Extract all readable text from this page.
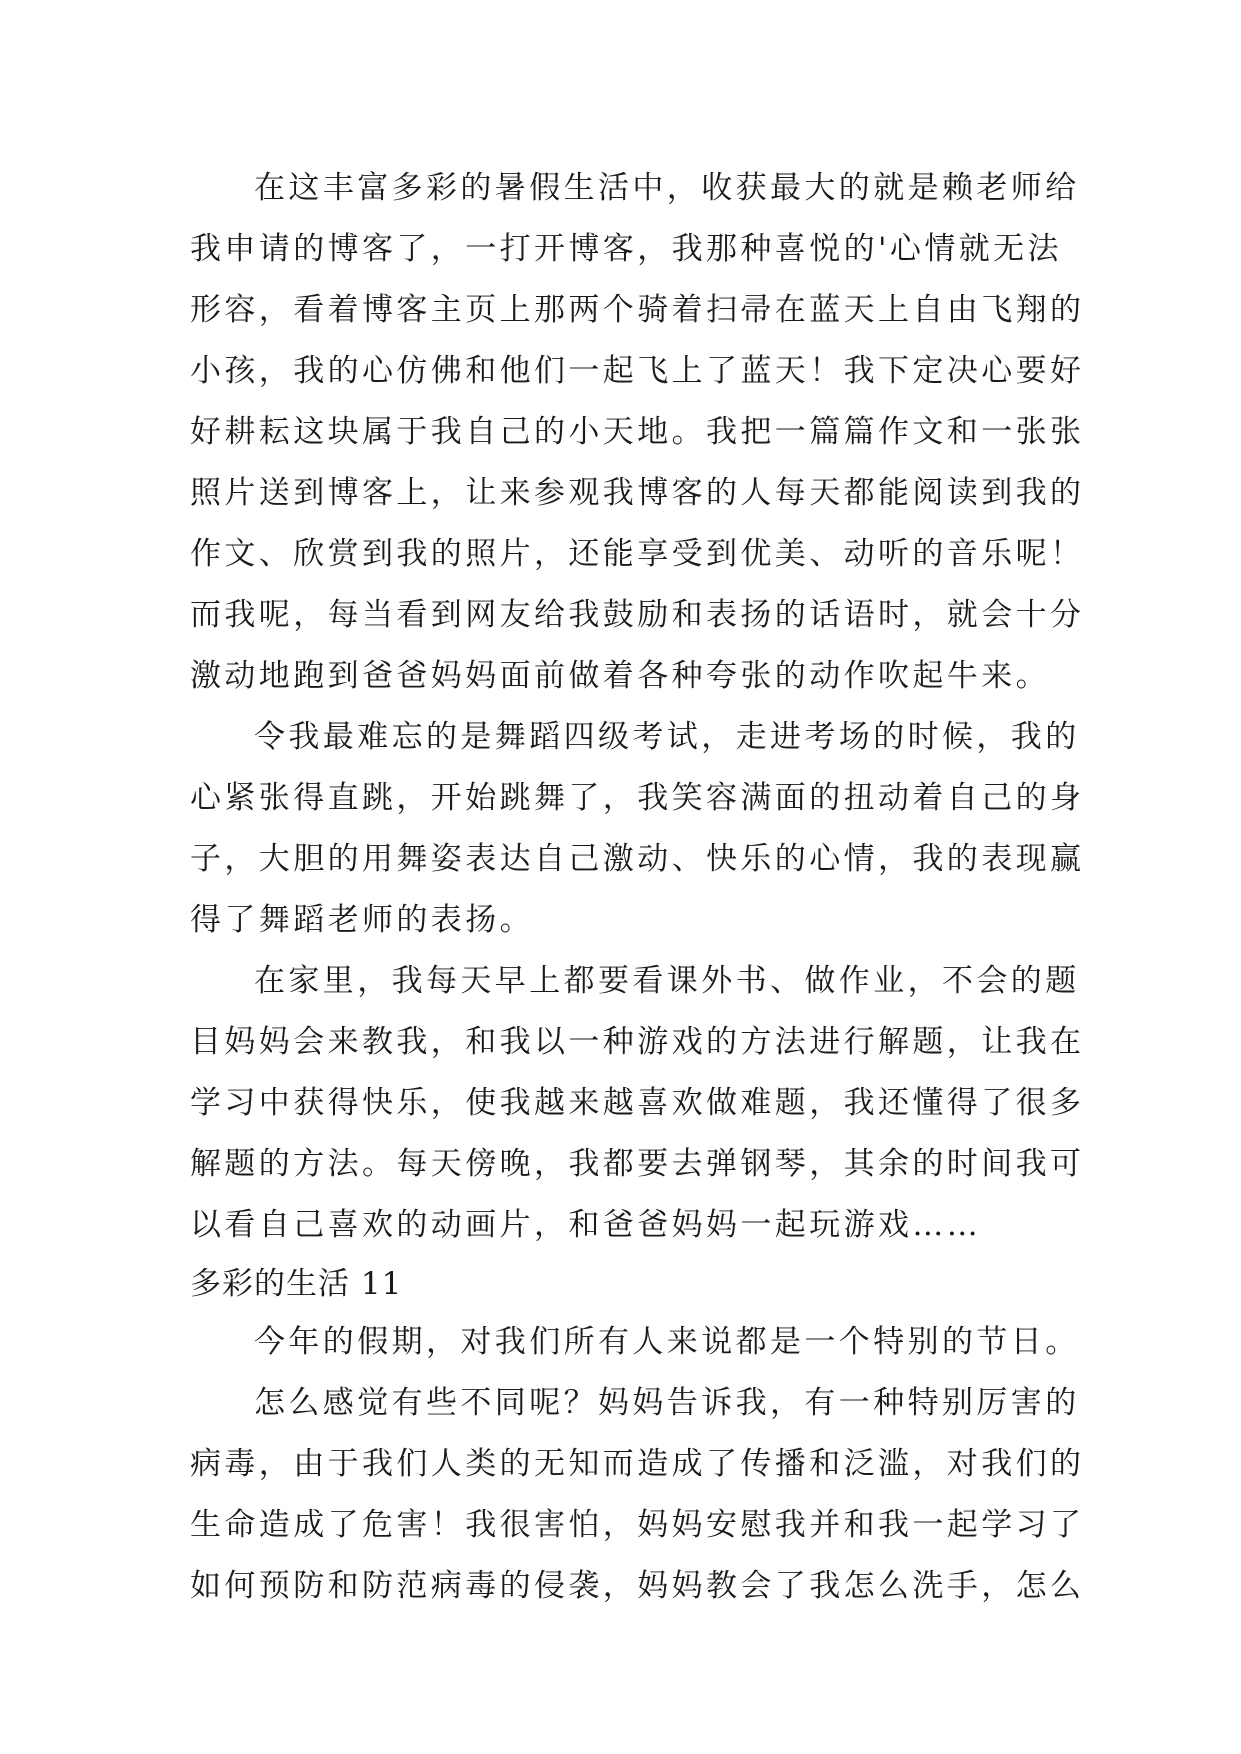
在这丰富多彩的暑假生活中，收获最大的就是赖老师给
我申请的博客了，一打开博客，我那种喜悦的'心情就无法
形容，看着博客主页上那两个骑着扫帚在蓝天上自由飞翔的
小孩，我的心仿佛和他们一起飞上了蓝天！我下定决心要好
好耕耘这块属于我自己的小天地。我把一篇篇作文和一张张
照片送到博客上，让来参观我博客的人每天都能阅读到我的
作文、欣赏到我的照片，还能享受到优美、动听的音乐呢！
而我呢，每当看到网友给我鼓励和表扬的话语时，就会十分
激动地跑到爸爸妈妈面前做着各种夸张的动作吹起牛来。
令我最难忘的是舞蹈四级考试，走进考场的时候，我的
心紧张得直跳，开始跳舞了，我笑容满面的扭动着自己的身
子，大胆的用舞姿表达自己激动、快乐的心情，我的表现赢
得了舞蹈老师的表扬。
在家里，我每天早上都要看课外书、做作业，不会的题
目妈妈会来教我，和我以一种游戏的方法进行解题，让我在
学习中获得快乐，使我越来越喜欢做难题，我还懂得了很多
解题的方法。每天傍晚，我都要去弹钢琴，其余的时间我可
以看自己喜欢的动画片，和爸爸妈妈一起玩游戏……
多彩的生活 11
今年的假期，对我们所有人来说都是一个特别的节日。
怎么感觉有些不同呢？妈妈告诉我，有一种特别厉害的
病毒，由于我们人类的无知而造成了传播和泛滥，对我们的
生命造成了危害！我很害怕，妈妈安慰我并和我一起学习了
如何预防和防范病毒的侵袭，妈妈教会了我怎么洗手，怎么
